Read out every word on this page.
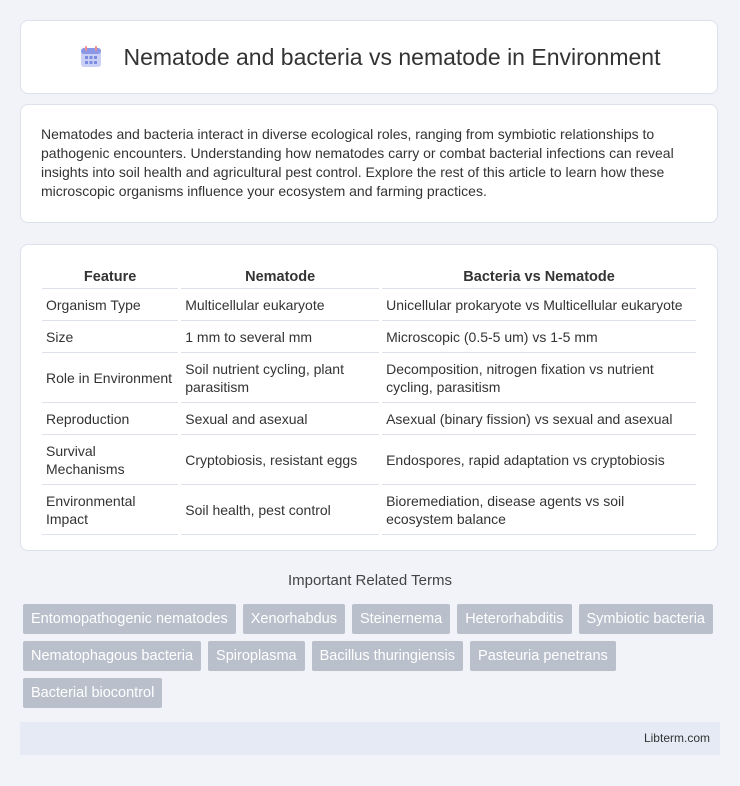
Nematode and bacteria vs nematode in Environment

Nematodes and bacteria interact in diverse ecological roles, ranging from symbiotic relationships to pathogenic encounters. Understanding how nematodes carry or combat bacterial infections can reveal insights into soil health and agricultural pest control. Explore the rest of this article to learn how these microscopic organisms influence your ecosystem and farming practices.

Feature	Nematode	Bacteria vs Nematode
Organism Type	Multicellular eukaryote	Unicellular prokaryote vs Multicellular eukaryote
Size	1 mm to several mm	Microscopic (0.5-5 um) vs 1-5 mm
Role in Environment	Soil nutrient cycling, plant parasitism	Decomposition, nitrogen fixation vs nutrient cycling, parasitism
Reproduction	Sexual and asexual	Asexual (binary fission) vs sexual and asexual
Survival Mechanisms	Cryptobiosis, resistant eggs	Endospores, rapid adaptation vs cryptobiosis
Environmental Impact	Soil health, pest control	Bioremediation, disease agents vs soil ecosystem balance
Important Related Terms
Entomopathogenic nematodes	Xenorhabdus	Steinernema	Heterorhabditis	Symbiotic bacteria
Nematophagous bacteria	Spiroplasma	Bacillus thuringiensis	Pasteuria penetrans
Bacterial biocontrol
Libterm.com
